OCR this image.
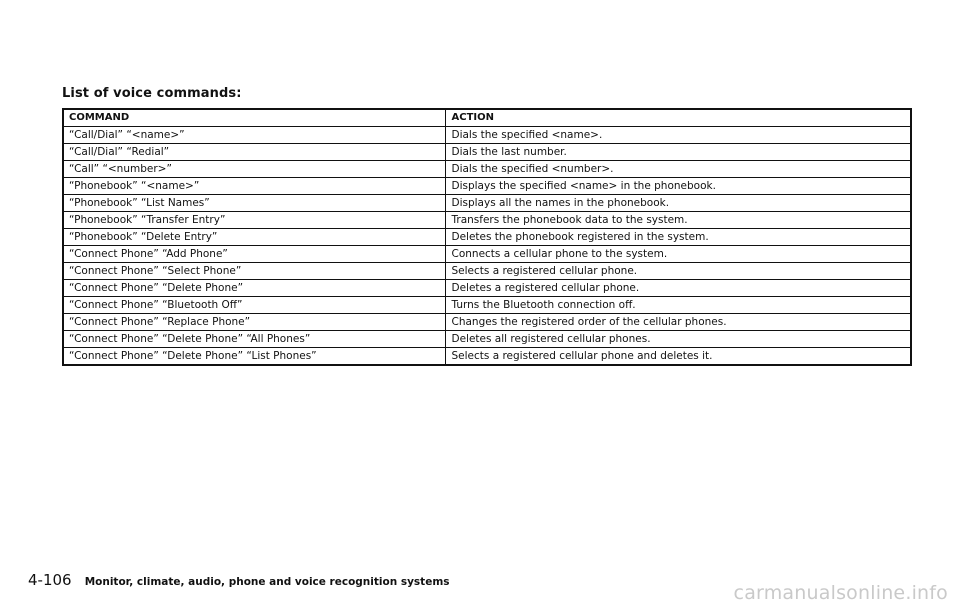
List of voice commands:
COMMAND	ACTION
“Call/Dial” “<name>”	Dials the specified <name>.
“Call/Dial” “Redial”	Dials the last number.
“Call” “<number>”	Dials the specified <number>.
“Phonebook” “<name>”	Displays the specified <name> in the phonebook.
“Phonebook” “List Names”	Displays all the names in the phonebook.
“Phonebook” “Transfer Entry”	Transfers the phonebook data to the system.
“Phonebook” “Delete Entry”	Deletes the phonebook registered in the system.
“Connect Phone” “Add Phone”	Connects a cellular phone to the system.
“Connect Phone” “Select Phone”	Selects a registered cellular phone.
“Connect Phone” “Delete Phone”	Deletes a registered cellular phone.
“Connect Phone” “Bluetooth Off”	Turns the Bluetooth connection off.
“Connect Phone” “Replace Phone”	Changes the registered order of the cellular phones.
“Connect Phone” “Delete Phone” “All Phones”	Deletes all registered cellular phones.
“Connect Phone” “Delete Phone” “List Phones”	Selects a registered cellular phone and deletes it.
4-106 Monitor, climate, audio, phone and voice recognition systems	carmanualsonline.info
